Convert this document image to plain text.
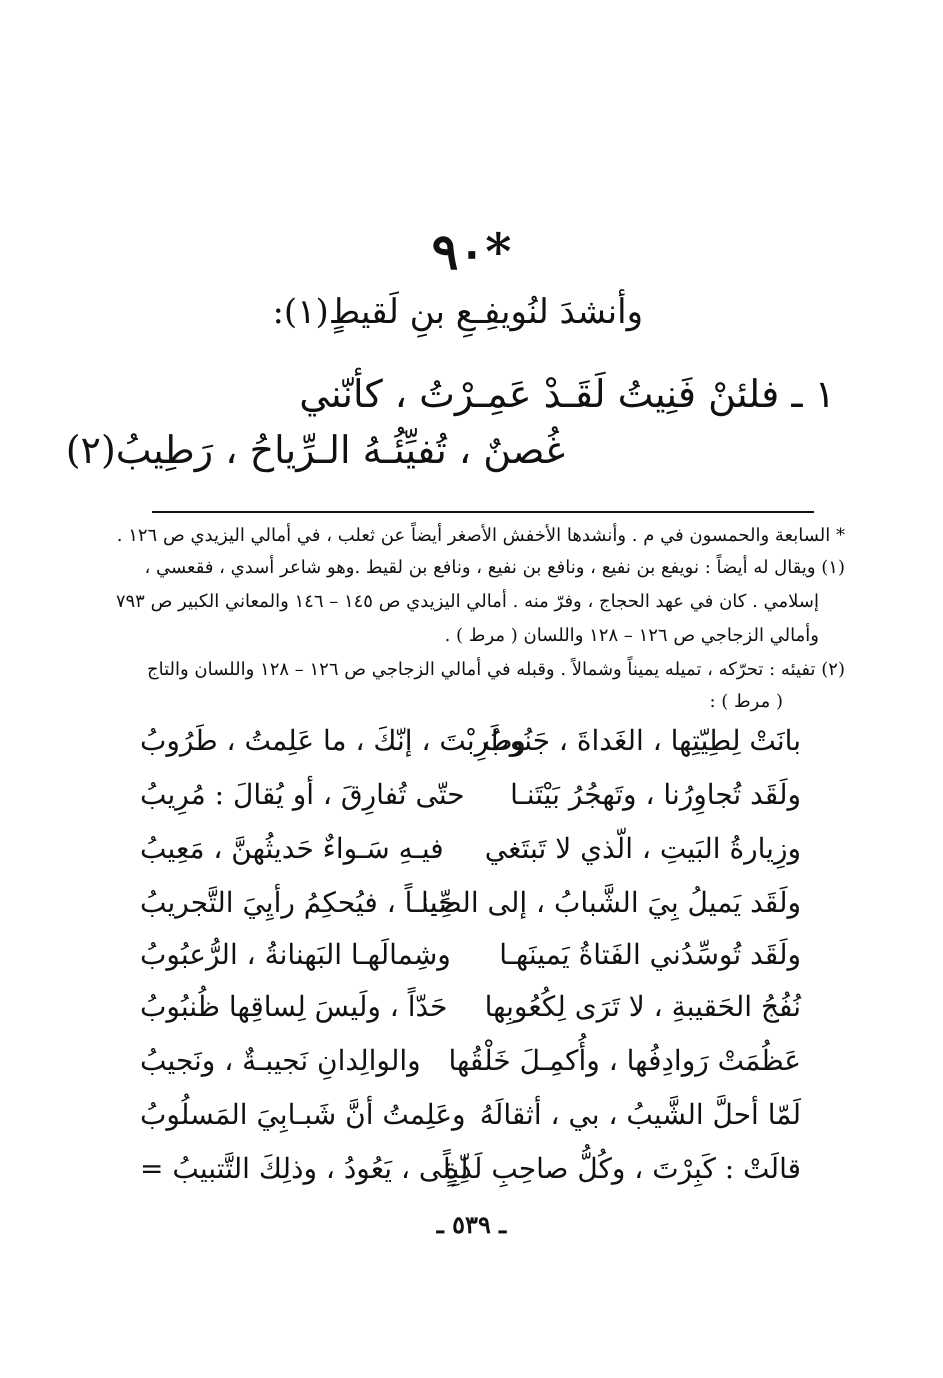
٩٠*
وأنشدَ لنُويفِـعِ بنِ لَقيطٍ(١):
١ ـ فلئنْ فَنِيتُ لَقَـدْ عَمِـرْتُ ، كأنّني
غُصنٌ ، تُفيِّئُـهُ الـرِّياحُ ، رَطِيبُ(٢)
* السابعة والحمسون في م . وأنشدها الأخفش الأصغر أيضاً عن ثعلب ، في أمالي اليزيدي ص ١٢٦ .
(١) ويقال له أيضاً : نويفع بن نفيع ، ونافع بن نفيع ، ونافع بن لقيط .وهو شاعر أسدي ، فقعسي ،
إسلامي . كان في عهد الحجاج ، وفرّ منه . أمالي اليزيدي ص ١٤٥ – ١٤٦ والمعاني الكبير ص ٧٩٣
وأمالي الزجاجي ص ١٢٦ – ١٢٨ واللسان ( مرط ) .
(٢) تفيئه : تحرّكه ، تميله يميناً وشمالاً . وقبله في أمالي الزجاجي ص ١٢٦ – ١٢٨ واللسان والتاج
( مرط ) :
بانَتْ لِطِيّتِها ، الغَداةَ ، جَنُوبُ
وطَرِبْتَ ، إنّكَ ، ما عَلِمتُ ، طَرُوبُ
ولَقَد تُجاوِرُنا ، وتَهجُرُ بَيْتَنـا
حتّى تُفارِقَ ، أو يُقالَ : مُرِيبُ
وزِيارةُ البَيتِ ، الّذي لا تَبتَغي
فيـهِ سَـواءٌ حَديثُهنَّ ، مَعِيبُ
ولَقَد يَميلُ بِيَ الشَّبابُ ، إلى الصِّبا
حِينـاً ، فيُحكِمُ رأيِيَ التَّجريبُ
ولَقَد تُوسِّدُني الفَتاةُ يَمينَهـا
وشِمالَهـا البَهنانةُ ، الرُّعبُوبُ
نُفُجُ الحَقيبةِ ، لا تَرَى لِكُعُوبِها
حَدّاً ، ولَيسَ لِساقِها ظُنبُوبُ
عَظُمَتْ رَوادِفُها ، وأُكمِـلَ خَلْقُها
والوالِدانِ نَجيبـةٌ ، ونَجيبُ
لَمّا أحلَّ الشَّيبُ ، بي ، أثقالَهُ
وعَلِمتُ أنَّ شَبـابِيَ المَسلُوبُ
قالَتْ : كَبِرْتَ ، وكُلُّ صاحِبِ لَذّةٍ
لِبِلًى ، يَعُودُ ، وذلِكَ التَّتبيبُ =
ـ ٥٣٩ ـ
